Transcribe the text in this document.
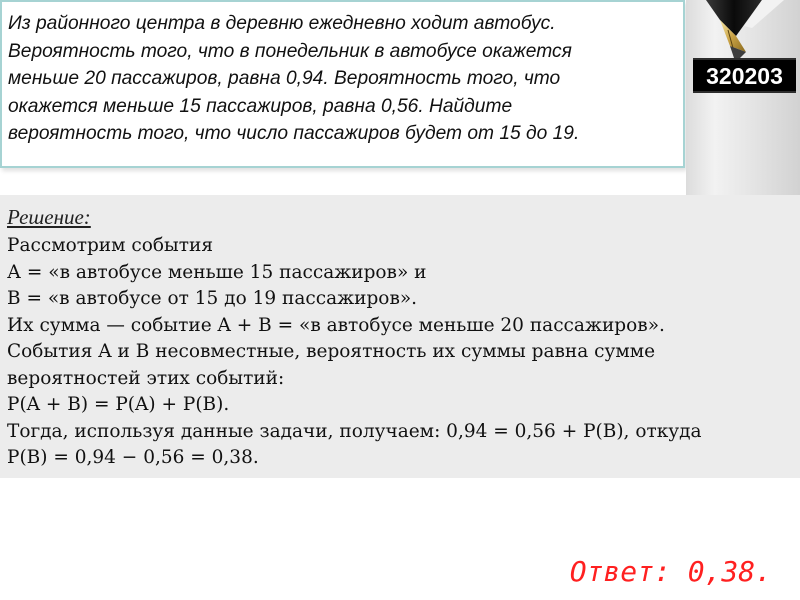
Из районного центра в деревню ежедневно ходит автобус.
Вероятность того, что в понедельник в автобусе окажется
меньше 20 пассажиров, равна 0,94. Вероятность того, что
окажется меньше 15 пассажиров, равна 0,56. Найдите
вероятность того, что число пассажиров будет от 15 до 19.

320203

Решение:

Рассмотрим события
А = «в автобусе меньше 15 пассажиров» и
В = «в автобусе от 15 до 19 пассажиров».
Их сумма — событие A + B = «в автобусе меньше 20 пассажиров».
События A и B несовместные, вероятность их суммы равна сумме
вероятностей этих событий:
P(A + B) = P(A) + P(B).
Тогда, используя данные задачи, получаем: 0,94 = 0,56 + P(В), откуда
P(В) = 0,94 − 0,56 = 0,38.

Ответ: 0,38.
